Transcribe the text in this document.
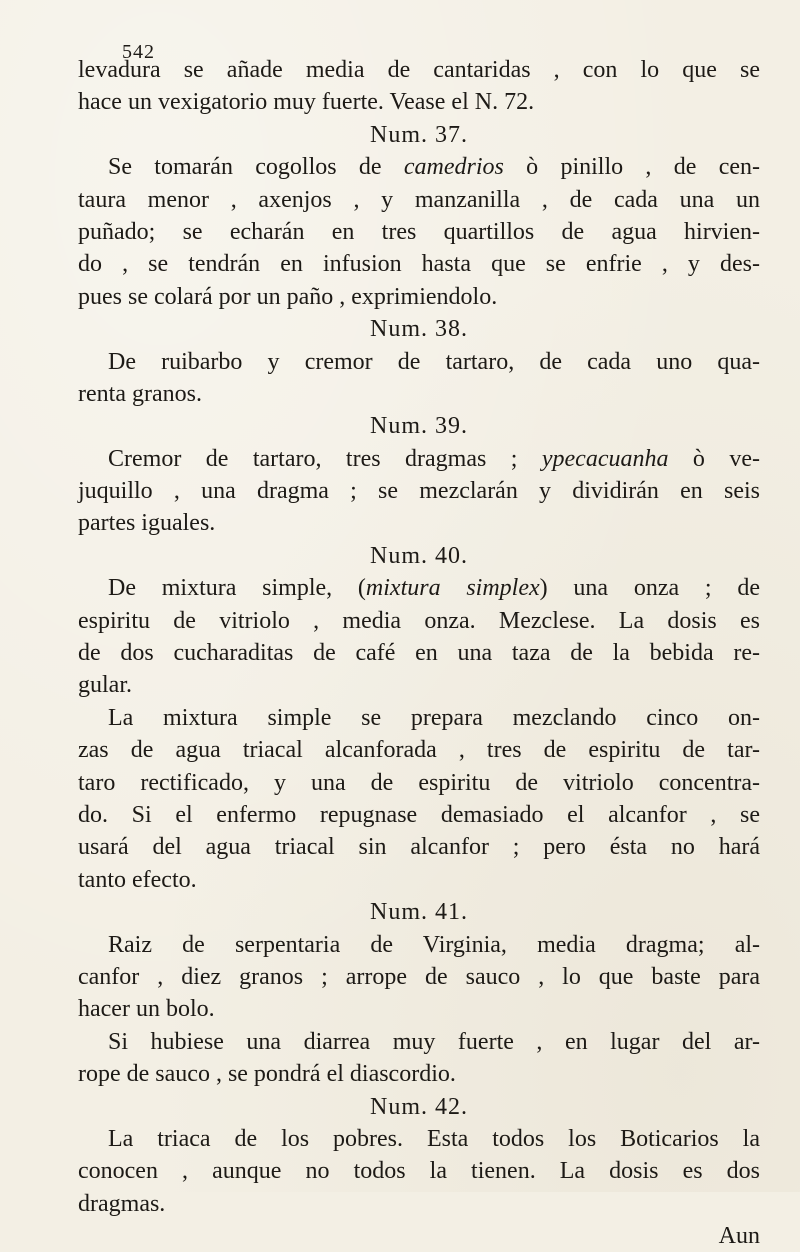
542
levadura se añade media de cantaridas , con lo que se
hace un vexigatorio muy fuerte. Vease el N. 72.
Num. 37.
Se tomarán cogollos de camedrios ò pinillo , de cen-
taura menor , axenjos , y manzanilla , de cada una un
puñado; se echarán en tres quartillos de agua hirvien-
do , se tendrán en infusion hasta que se enfrie , y des-
pues se colará por un paño , exprimiendolo.
Num. 38.
De ruibarbo y cremor de tartaro, de cada uno qua-
renta granos.
Num. 39.
Cremor de tartaro, tres dragmas ; ypecacuanha ò ve-
juquillo , una dragma ; se mezclarán y dividirán en seis
partes iguales.
Num. 40.
De mixtura simple, (mixtura simplex) una onza ; de
espiritu de vitriolo , media onza. Mezclese. La dosis es
de dos cucharaditas de café en una taza de la bebida re-
gular.
La mixtura simple se prepara mezclando cinco on-
zas de agua triacal alcanforada , tres de espiritu de tar-
taro rectificado, y una de espiritu de vitriolo concentra-
do. Si el enfermo repugnase demasiado el alcanfor , se
usará del agua triacal sin alcanfor ; pero ésta no hará
tanto efecto.
Num. 41.
Raiz de serpentaria de Virginia, media dragma; al-
canfor , diez granos ; arrope de sauco , lo que baste para
hacer un bolo.
Si hubiese una diarrea muy fuerte , en lugar del ar-
rope de sauco , se pondrá el diascordio.
Num. 42.
La triaca de los pobres. Esta todos los Boticarios la
conocen , aunque no todos la tienen. La dosis es dos
dragmas.
Aun
